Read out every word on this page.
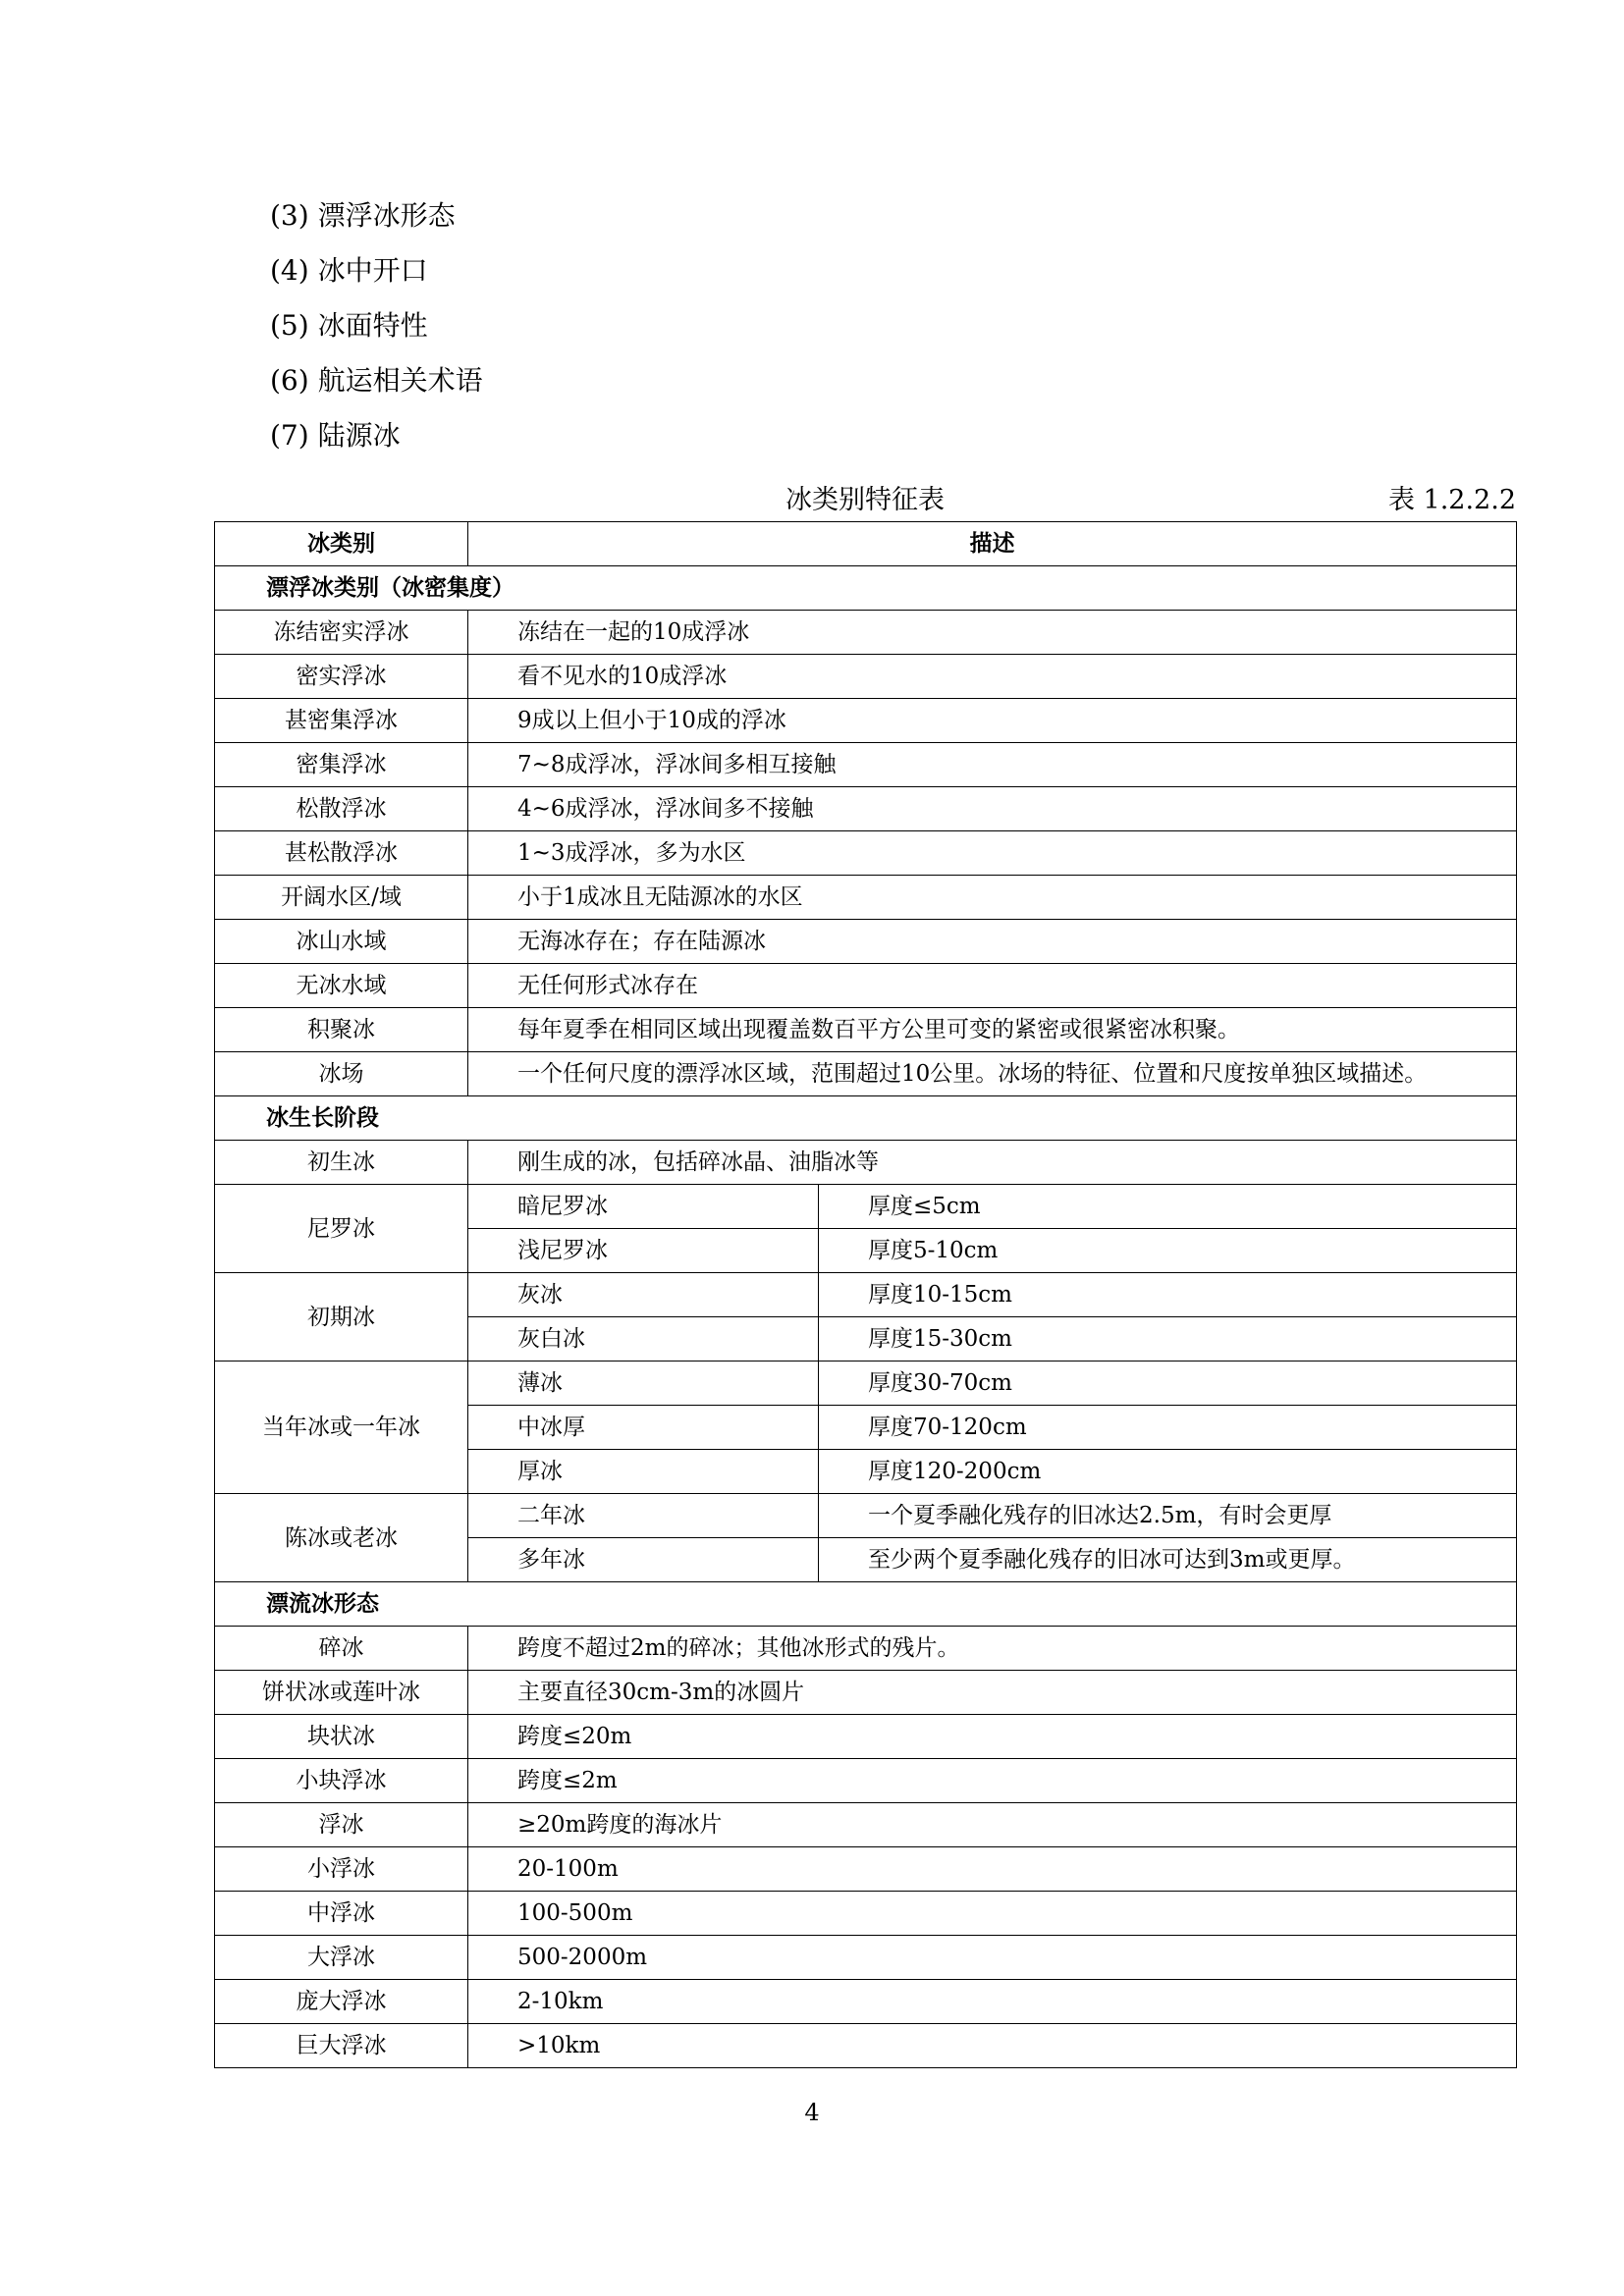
(3) 漂浮冰形态
(4) 冰中开口
(5) 冰面特性
(6) 航运相关术语
(7) 陆源冰
冰类别特征表	表 1.2.2.2
冰类别	描述	
漂浮冰类别（冰密集度）		
冻结密实浮冰	冻结在一起的10成浮冰	
密实浮冰	看不见水的10成浮冰	
甚密集浮冰	9成以上但小于10成的浮冰	
密集浮冰	7~8成浮冰，浮冰间多相互接触	
松散浮冰	4~6成浮冰，浮冰间多不接触	
甚松散浮冰	1~3成浮冰，多为水区	
开阔水区/域	小于1成冰且无陆源冰的水区	
冰山水域	无海冰存在；存在陆源冰	
无冰水域	无任何形式冰存在	
积聚冰	每年夏季在相同区域出现覆盖数百平方公里可变的紧密或很紧密冰积聚。	
冰场	一个任何尺度的漂浮冰区域，范围超过10公里。冰场的特征、位置和尺度按单独区域描述。	
冰生长阶段		
初生冰	刚生成的冰，包括碎冰晶、油脂冰等	
尼罗冰	暗尼罗冰	厚度≤5cm
	浅尼罗冰	厚度5-10cm
初期冰	灰冰	厚度10-15cm
	灰白冰	厚度15-30cm
当年冰或一年冰	薄冰	厚度30-70cm
	中冰厚	厚度70-120cm
	厚冰	厚度120-200cm
陈冰或老冰	二年冰	一个夏季融化残存的旧冰达2.5m，有时会更厚
	多年冰	至少两个夏季融化残存的旧冰可达到3m或更厚。
漂流冰形态		
碎冰	跨度不超过2m的碎冰；其他冰形式的残片。	
饼状冰或莲叶冰	主要直径30cm-3m的冰圆片	
块状冰	跨度≤20m	
小块浮冰	跨度≤2m	
浮冰	≥20m跨度的海冰片	
小浮冰	20-100m	
中浮冰	100-500m	
大浮冰	500-2000m	
庞大浮冰	2-10km	
巨大浮冰	>10km	
4
